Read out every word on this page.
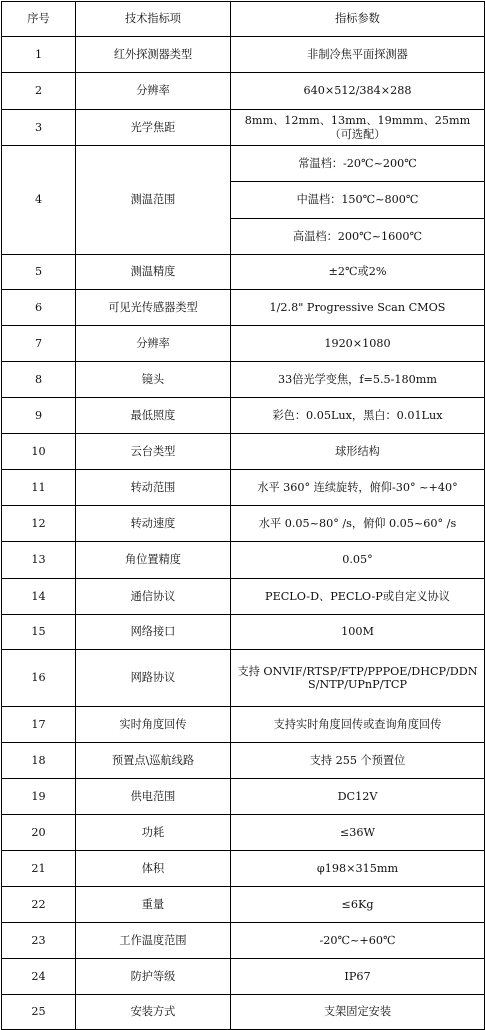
序号	技术指标项	指标参数
1	红外探测器类型	非制冷焦平面探测器
2	分辨率	640×512/384×288
3	光学焦距	8mm、12mm、13mm、19mmm、25mm（可选配）
4	测温范围	常温档：-20℃~200℃
		中温档：150℃~800℃
		高温档：200℃~1600℃
5	测温精度	±2℃或2%
6	可见光传感器类型	1/2.8" Progressive Scan CMOS
7	分辨率	1920×1080
8	镜头	33倍光学变焦，f=5.5-180mm
9	最低照度	彩色：0.05Lux，黑白：0.01Lux
10	云台类型	球形结构
11	转动范围	水平 360° 连续旋转，俯仰-30° ~+40°
12	转动速度	水平 0.05~80° /s，俯仰 0.05~60° /s
13	角位置精度	0.05°
14	通信协议	PECLO-D、PECLO-P或自定义协议
15	网络接口	100M
16	网路协议	支持 ONVIF/RTSP/FTP/PPPOE/DHCP/DDNS/NTP/UPnP/TCP
17	实时角度回传	支持实时角度回传或查询角度回传
18	预置点\巡航线路	支持 255 个预置位
19	供电范围	DC12V
20	功耗	≤36W
21	体积	φ198×315mm
22	重量	≤6Kg
23	工作温度范围	-20℃~+60℃
24	防护等级	IP67
25	安装方式	支架固定安装
